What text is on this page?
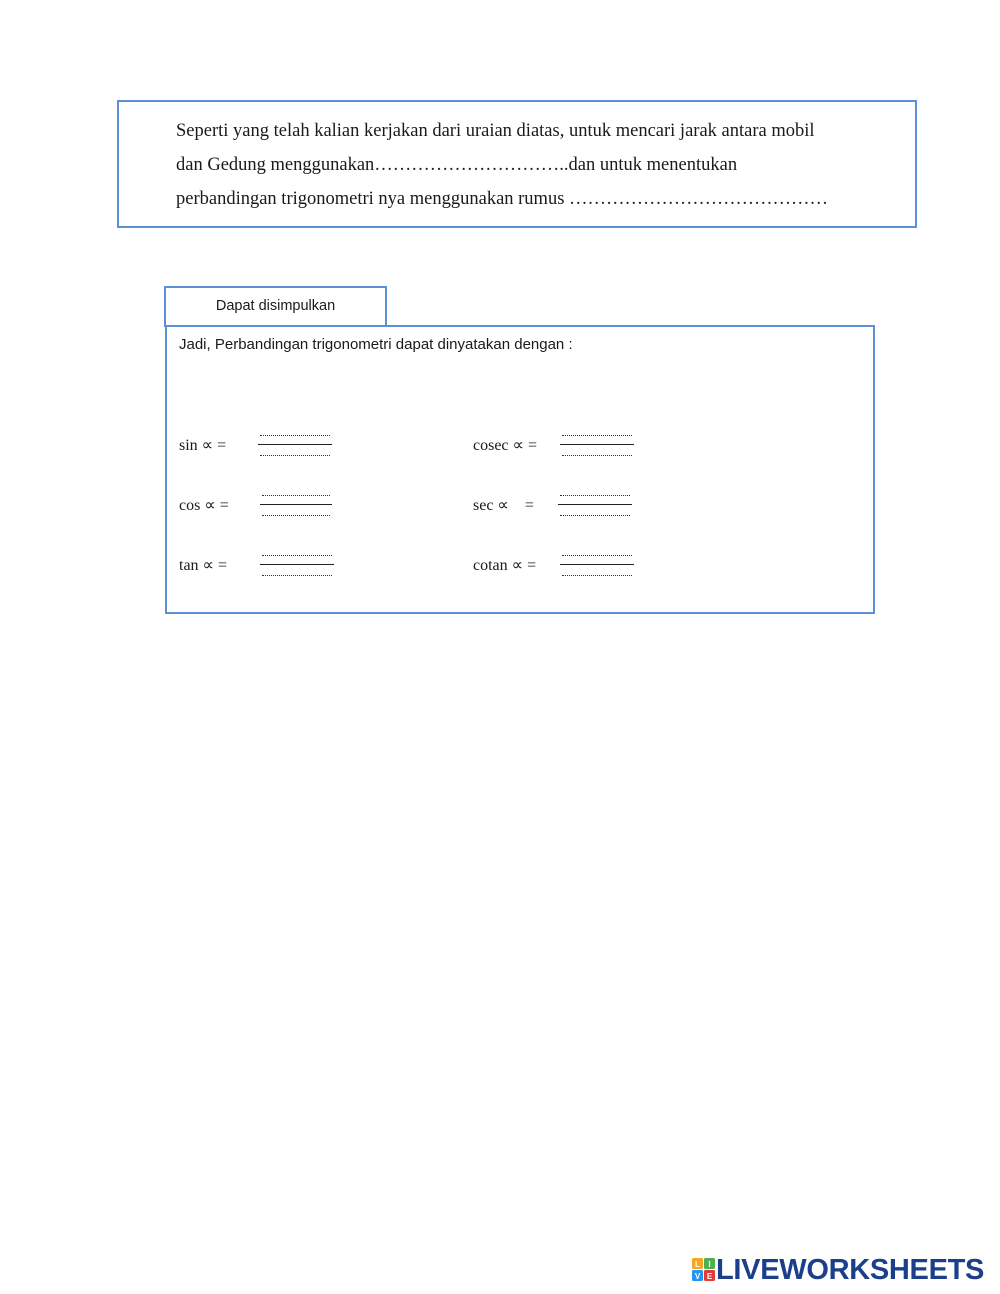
Seperti yang telah kalian kerjakan dari uraian diatas, untuk mencari jarak antara mobil
dan Gedung menggunakan…………………………..dan untuk menentukan
perbandingan trigonometri nya menggunakan rumus ……………………………………

Dapat disimpulkan

Jadi, Perbandingan trigonometri dapat dinyatakan dengan :

sin ∝ =	cosec ∝ =
cos ∝ =	sec ∝    =
tan ∝ =	cotan ∝ =
L I
V E LIVEWORKSHEETS
